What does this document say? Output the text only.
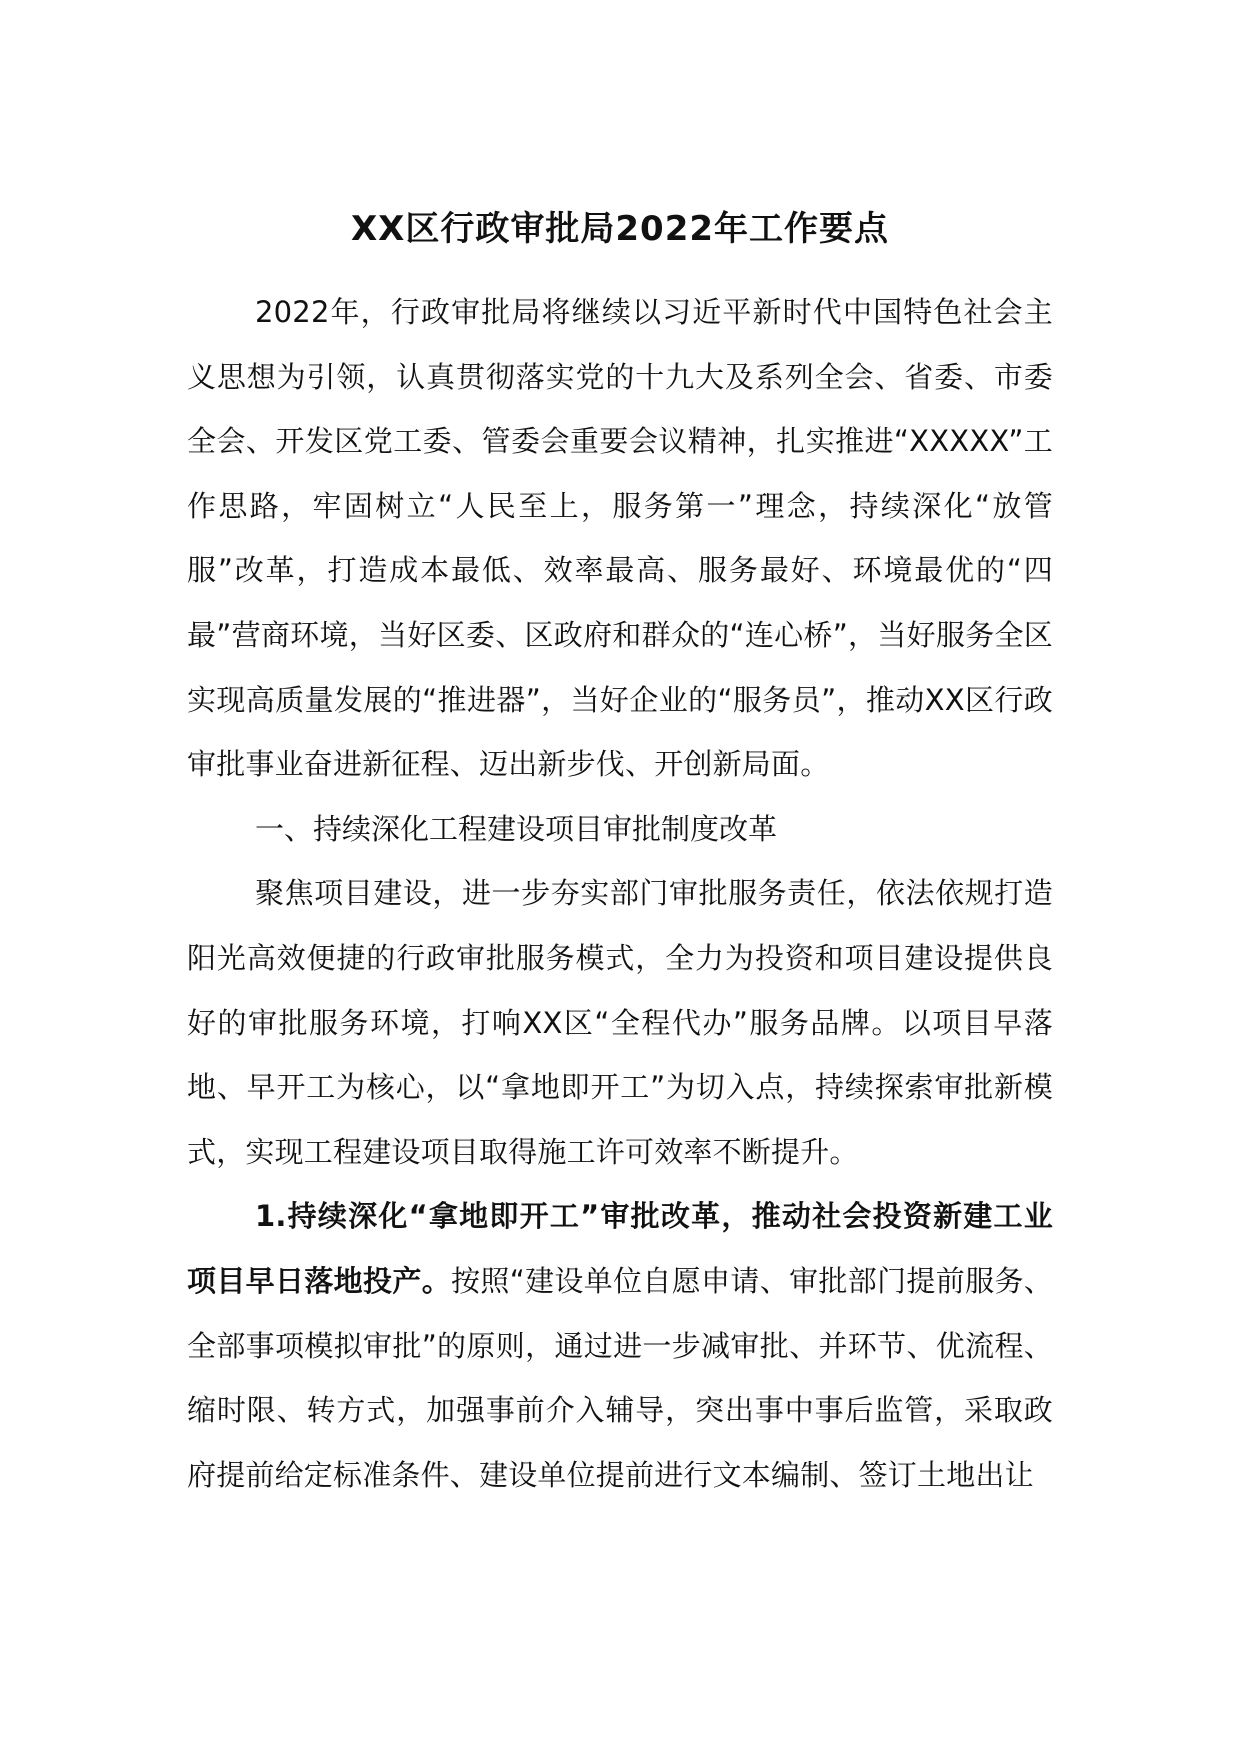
XX区行政审批局2022年工作要点

2022年，行政审批局将继续以习近平新时代中国特色社会主义思想为引领，认真贯彻落实党的十九大及系列全会、省委、市委全会、开发区党工委、管委会重要会议精神，扎实推进“XXXXX”工作思路，牢固树立“人民至上，服务第一”理念，持续深化“放管服”改革，打造成本最低、效率最高、服务最好、环境最优的“四最”营商环境，当好区委、区政府和群众的“连心桥”，当好服务全区实现高质量发展的“推进器”，当好企业的“服务员”，推动XX区行政审批事业奋进新征程、迈出新步伐、开创新局面。

一、持续深化工程建设项目审批制度改革

聚焦项目建设，进一步夯实部门审批服务责任，依法依规打造阳光高效便捷的行政审批服务模式，全力为投资和项目建设提供良好的审批服务环境，打响XX区“全程代办”服务品牌。以项目早落地、早开工为核心，以“拿地即开工”为切入点，持续探索审批新模式，实现工程建设项目取得施工许可效率不断提升。

1.持续深化“拿地即开工”审批改革，推动社会投资新建工业项目早日落地投产。按照“建设单位自愿申请、审批部门提前服务、全部事项模拟审批”的原则，通过进一步减审批、并环节、优流程、缩时限、转方式，加强事前介入辅导，突出事中事后监管，采取政府提前给定标准条件、建设单位提前进行文本编制、签订土地出让
